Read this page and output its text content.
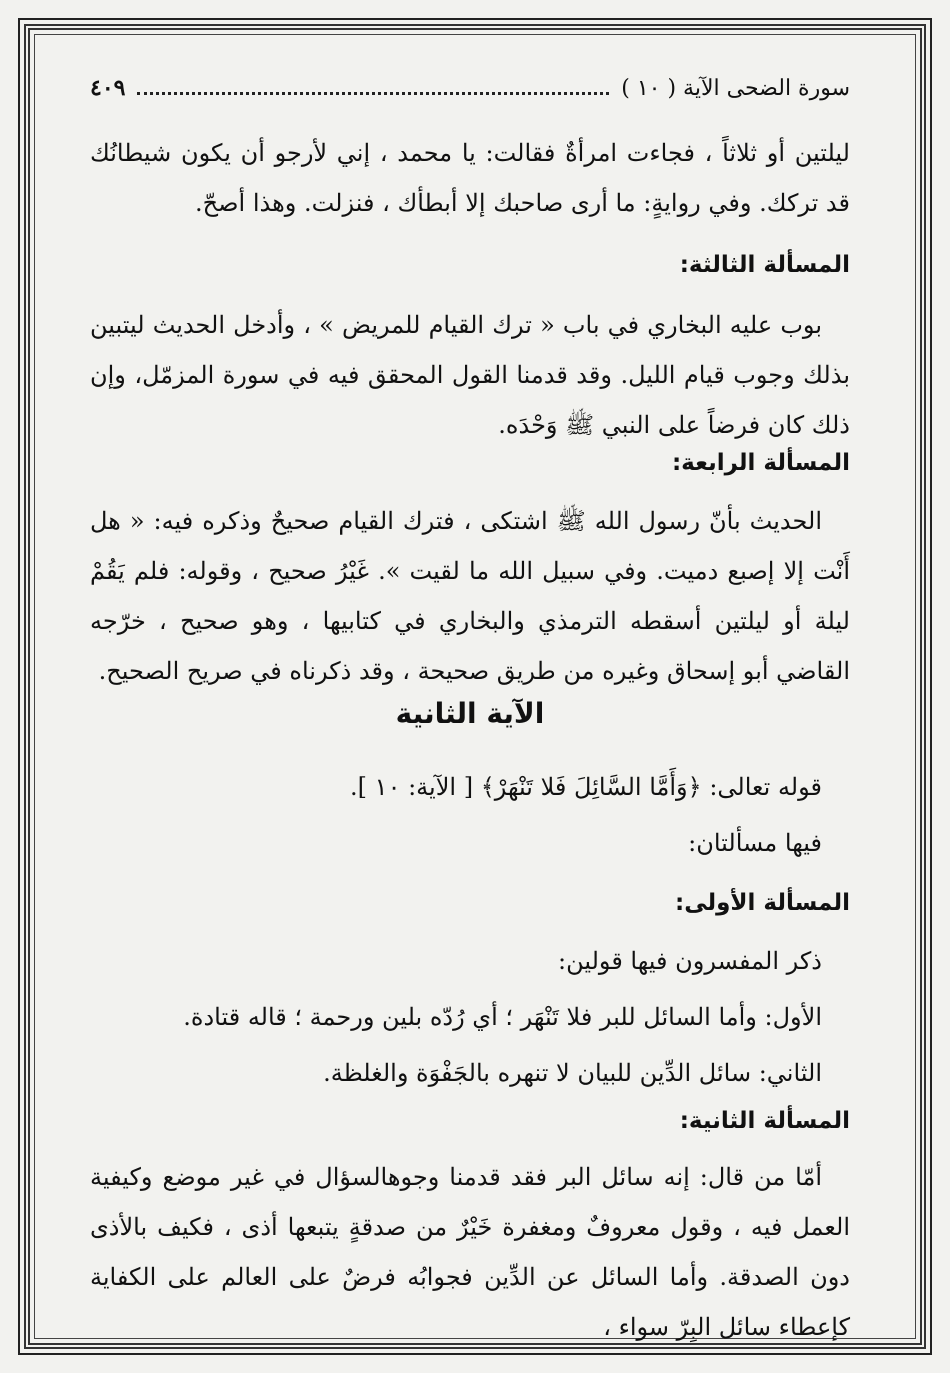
سورة الضحى الآية ( ١٠ )
٤٠٩

ليلتين أو ثلاثاً ، فجاءت امرأةٌ فقالت: يا محمد ، إني لأرجو أن يكون شيطانُك قد تركك. وفي روايةٍ: ما أرى صاحبك إلا أبطأك ، فنزلت. وهذا أصحّ.

المسألة الثالثة:

بوب عليه البخاري في باب « ترك القيام للمريض » ، وأدخل الحديث ليتبين بذلك وجوب قيام الليل. وقد قدمنا القول المحقق فيه في سورة المزمّل، وإن ذلك كان فرضاً على النبي ﷺ وَحْدَه.

المسألة الرابعة:

الحديث بأنّ رسول الله ﷺ اشتكى ، فترك القيام صحيحٌ وذكره فيه: « هل أَنْت إلا إصبع دميت. وفي سبيل الله ما لقيت ». غَيْرُ صحيح ، وقوله: فلم يَقُمْ ليلة أو ليلتين أسقطه الترمذي والبخاري في كتابيها ، وهو صحيح ، خرّجه القاضي أبو إسحاق وغيره من طريق صحيحة ، وقد ذكرناه في صريح الصحيح.

الآية الثانية

قوله تعالى: ﴿وَأَمَّا السَّائِلَ فَلا تَنْهَرْ﴾ [ الآية: ١٠ ].

فيها مسألتان:

المسألة الأولى:

ذكر المفسرون فيها قولين:

الأول: وأما السائل للبر فلا تَنْهَر ؛ أي رُدّه بلين ورحمة ؛ قاله قتادة.

الثاني: سائل الدِّين للبيان لا تنهره بالجَفْوَة والغلظة.

المسألة الثانية:

أمّا من قال: إنه سائل البر فقد قدمنا وجوهالسؤال في غير موضع وكيفية العمل فيه ، وقول معروفٌ ومغفرة خَيْرٌ من صدقةٍ يتبعها أذى ، فكيف بالأذى دون الصدقة. وأما السائل عن الدِّين فجوابُه فرضٌ على العالم على الكفاية كإعطاء سائل البِرّ سواء ،
